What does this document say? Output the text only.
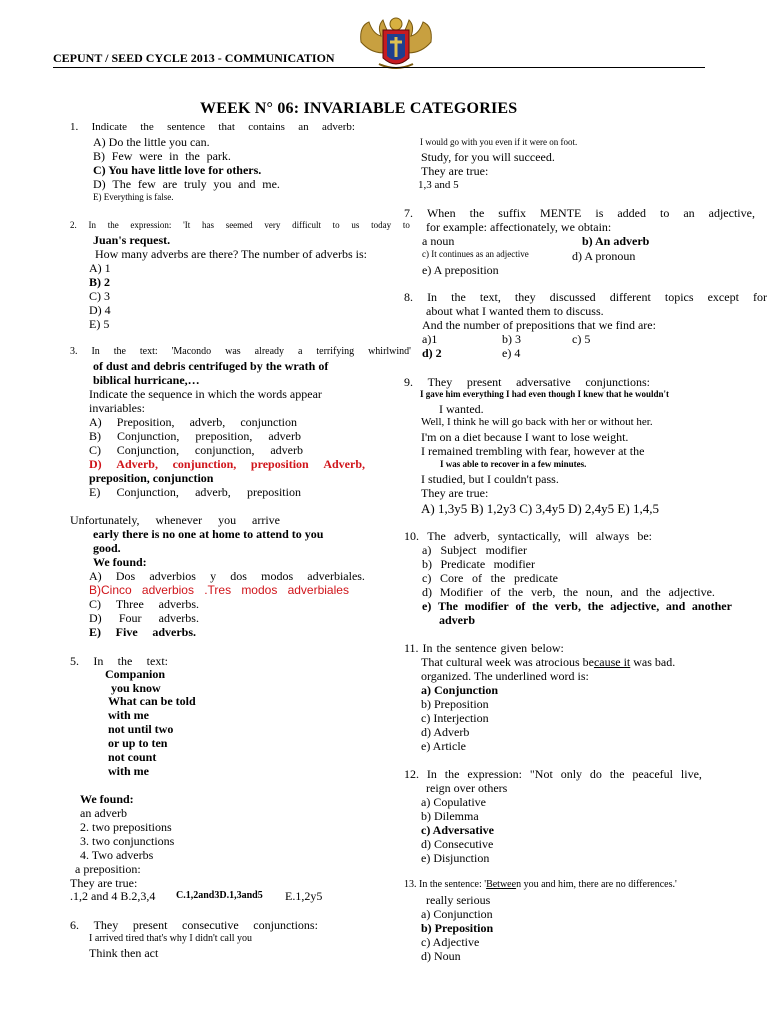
CEPUNT / SEED CYCLE 2013 - COMMUNICATION
WEEK N° 06: INVARIABLE CATEGORIES
1. Indicate the sentence that contains an adverb:
A) Do the little you can.
B) Few were in the park.
C) You have little love for others.
D) The few are truly you and me.
E) Everything is false.
2. In the expression: 'It has seemed very difficult to us today to
Juan's request.
How many adverbs are there? The number of adverbs is:
A) 1
B) 2
C) 3
D) 4
E) 5
3. In the text: 'Macondo was already a terrifying whirlwind'
of dust and debris centrifuged by the wrath of
biblical hurricane,…
Indicate the sequence in which the words appear
invariables:
A) Preposition, adverb, conjunction
B) Conjunction, preposition, adverb
C) Conjunction, conjunction, adverb
D) Adverb, conjunction, preposition Adverb,
preposition, conjunction
E) Conjunction, adverb, preposition
Unfortunately, whenever you arrive
early there is no one at home to attend to you
good.
We found:
A) Dos adverbios y dos modos adverbiales.
B)Cinco adverbios .Tres modos adverbiales
C) Three adverbs.
D) Four adverbs.
E) Five adverbs.
5. In the text:
Companion
you know
What can be told
with me
not until two
or up to ten
not count
with me
We found:
an adverb
2. two prepositions
3. two conjunctions
4. Two adverbs
a preposition:
They are true:
.1,2 and 4 B.2,3,4 C.1,2and3D.1,3and5 E.1,2y5
6. They present consecutive conjunctions:
I arrived tired that's why I didn't call you
Think then act
I would go with you even if it were on foot.
Study, for you will succeed.
They are true:
1,3 and 5
7. When the suffix MENTE is added to an adjective,
for example: affectionately, we obtain:
a noun	b) An adverb
c) It continues as an adjective	d) A pronoun
e) A preposition
8. In the text, they discussed different topics except for
about what I wanted them to discuss.
And the number of prepositions that we find are:
a)1	b) 3	c) 5
d) 2	e) 4
9. They present adversative conjunctions:
I gave him everything I had even though I knew that he wouldn't
I wanted.
Well, I think he will go back with her or without her.
I'm on a diet because I want to lose weight.
I remained trembling with fear, however at the
I was able to recover in a few minutes.
I studied, but I couldn't pass.
They are true:
A) 1,3y5 B) 1,2y3 C) 3,4y5 D) 2,4y5 E) 1,4,5
10. The adverb, syntactically, will always be:
a) Subject modifier
b) Predicate modifier
c) Core of the predicate
d) Modifier of the verb, the noun, and the adjective.
e) The modifier of the verb, the adjective, and another
adverb
11. In the sentence given below:
That cultural week was atrocious because it was bad.
organized. The underlined word is:
a) Conjunction
b) Preposition
c) Interjection
d) Adverb
e) Article
12. In the expression: "Not only do the peaceful live,
reign over others
a) Copulative
b) Dilemma
c) Adversative
d) Consecutive
e) Disjunction
13. In the sentence: 'Between you and him, there are no differences.'
really serious
a) Conjunction
b) Preposition
c) Adjective
d) Noun
